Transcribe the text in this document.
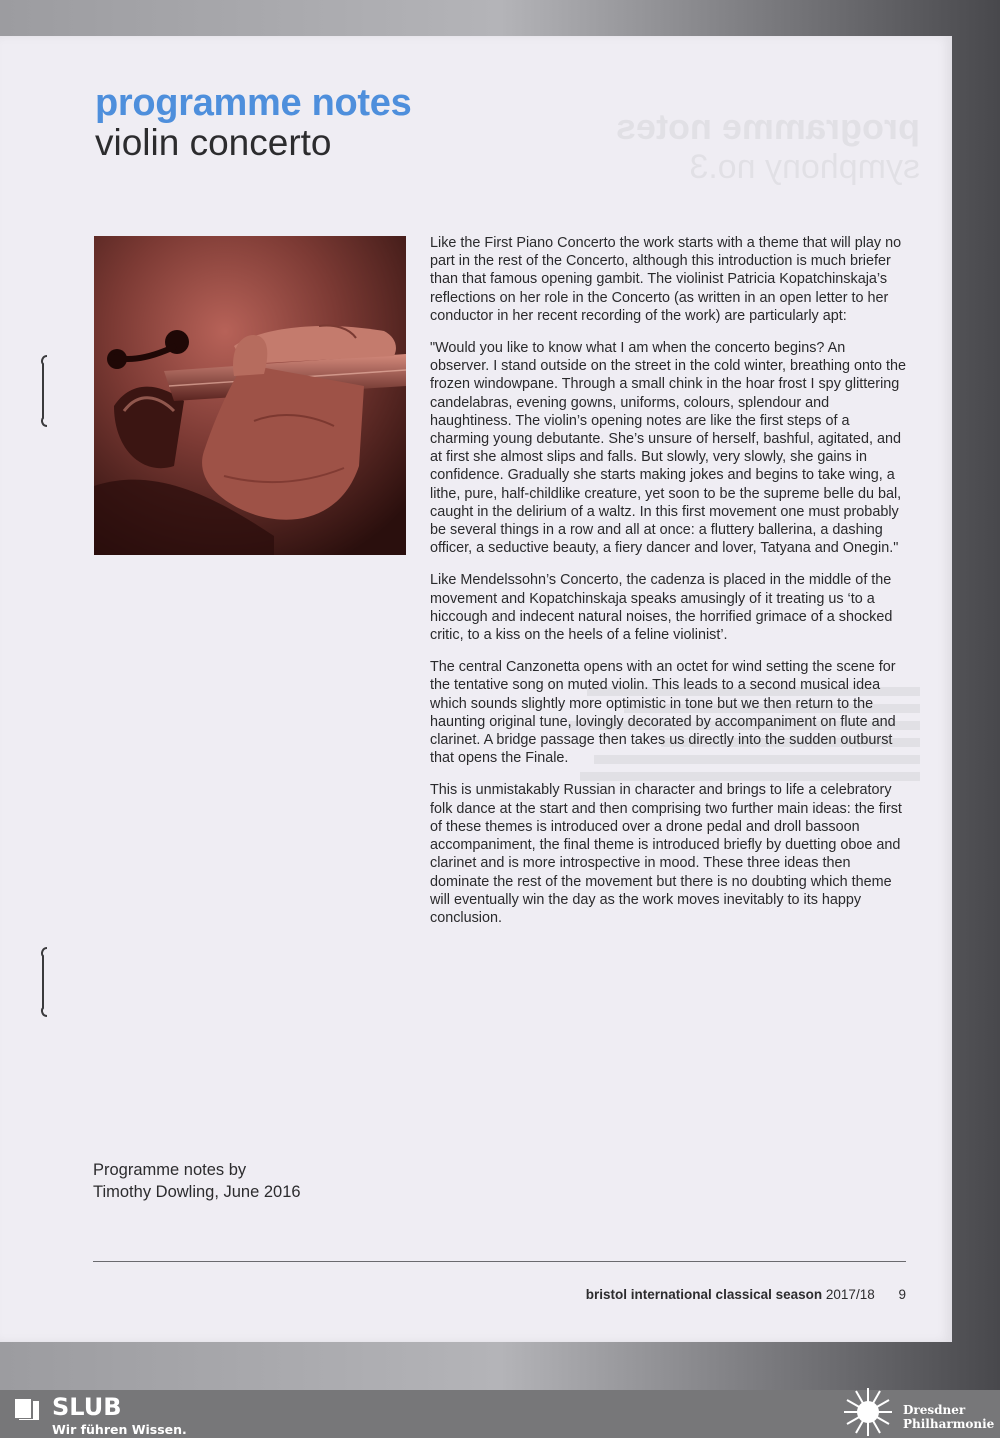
programme notes
symphony no.3
programme notes
violin concerto

Like the First Piano Concerto the work starts with a theme that will play no part in the rest of the Concerto, although this introduction is much briefer than that famous opening gambit. The violinist Patricia Kopatchinskaja’s reflections on her role in the Concerto (as written in an open letter to her conductor in her recent recording of the work) are particularly apt:

"Would you like to know what I am when the concerto begins? An observer. I stand outside on the street in the cold winter, breathing onto the frozen windowpane. Through a small chink in the hoar frost I spy glittering candelabras, evening gowns, uniforms, colours, splendour and haughtiness. The violin’s opening notes are like the first steps of a charming young debutante. She’s unsure of herself, bashful, agitated, and at first she almost slips and falls. But slowly, very slowly, she gains in confidence. Gradually she starts making jokes and begins to take wing, a lithe, pure, half-childlike creature, yet soon to be the supreme belle du bal, caught in the delirium of a waltz. In this first movement one must probably be several things in a row and all at once: a fluttery ballerina, a dashing officer, a seductive beauty, a fiery dancer and lover, Tatyana and Onegin."

Like Mendelssohn’s Concerto, the cadenza is placed in the middle of the movement and Kopatchinskaja speaks amusingly of it treating us ‘to a hiccough and indecent natural noises, the horrified grimace of a shocked critic, to a kiss on the heels of a feline violinist’.

The central Canzonetta opens with an octet for wind setting the scene for the tentative song on muted violin. This leads to a second musical idea which sounds slightly more optimistic in tone but we then return to the haunting original tune, lovingly decorated by accompaniment on flute and clarinet. A bridge passage then takes us directly into the sudden outburst that opens the Finale.

This is unmistakably Russian in character and brings to life a celebratory folk dance at the start and then comprising two further main ideas: the first of these themes is introduced over a drone pedal and droll bassoon accompaniment, the final theme is introduced briefly by duetting oboe and clarinet and is more introspective in mood. These three ideas then dominate the rest of the movement but there is no doubting which theme will eventually win the day as the work moves inevitably to its happy conclusion.

Programme notes by
Timothy Dowling, June 2016
bristol international classical season 2017/18 9
SLUB
Wir führen Wissen.
Dresdner
Philharmonie
